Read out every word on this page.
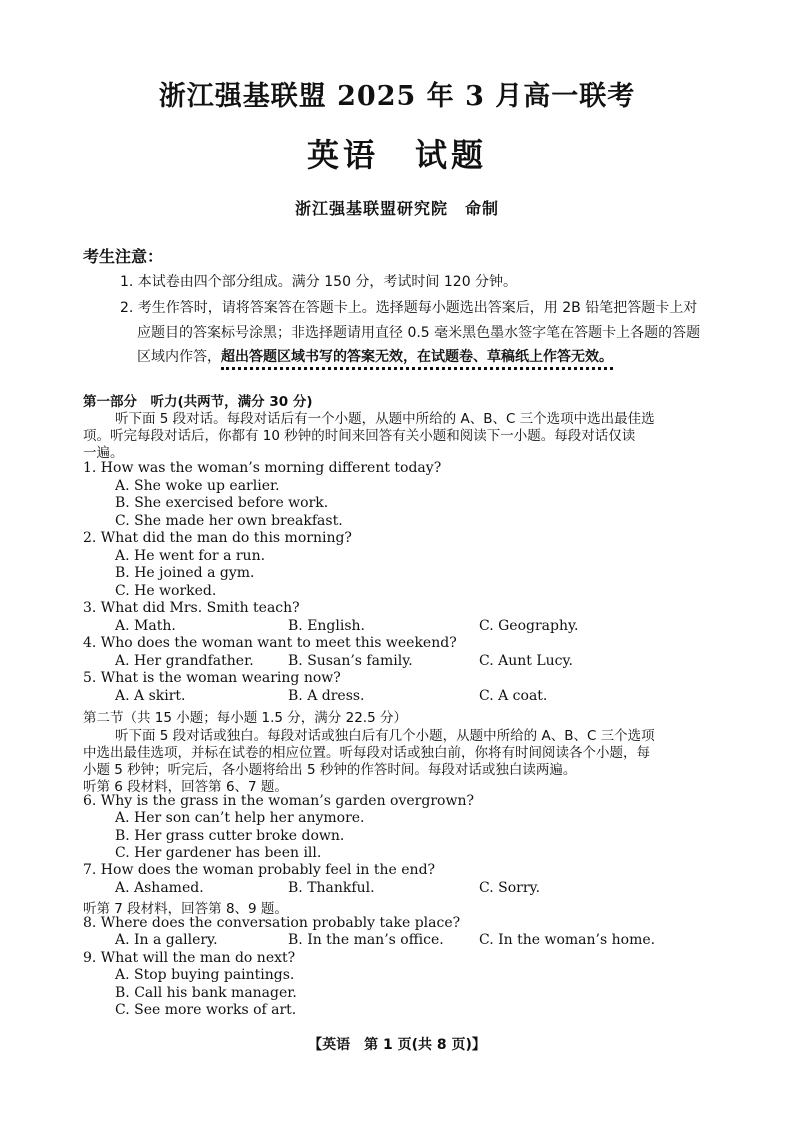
浙江强基联盟 2025 年 3 月高一联考
英语　试题
浙江强基联盟研究院　命制
考生注意：
1. 本试卷由四个部分组成。满分 150 分，考试时间 120 分钟。
2. 考生作答时，请将答案答在答题卡上。选择题每小题选出答案后，用 2B 铅笔把答题卡上对
应题目的答案标号涂黑；非选择题请用直径 0.5 毫米黑色墨水签字笔在答题卡上各题的答题
区域内作答，超出答题区域书写的答案无效，在试题卷、草稿纸上作答无效。
第一部分　听力(共两节，满分 30 分)
听下面 5 段对话。每段对话后有一个小题，从题中所给的 A、B、C 三个选项中选出最佳选
项。听完每段对话后，你都有 10 秒钟的时间来回答有关小题和阅读下一小题。每段对话仅读
一遍。
1. How was the woman’s morning different today?
A. She woke up earlier.
B. She exercised before work.
C. She made her own breakfast.
2. What did the man do this morning?
A. He went for a run.
B. He joined a gym.
C. He worked.
3. What did Mrs. Smith teach?
A. Math.	B. English.	C. Geography.
4. Who does the woman want to meet this weekend?
A. Her grandfather. B. Susan’s family.	C. Aunt Lucy.
5. What is the woman wearing now?
A. A skirt.	B. A dress.	C. A coat.
第二节（共 15 小题；每小题 1.5 分，满分 22.5 分）
听下面 5 段对话或独白。每段对话或独白后有几个小题，从题中所给的 A、B、C 三个选项
中选出最佳选项，并标在试卷的相应位置。听每段对话或独白前，你将有时间阅读各个小题，每
小题 5 秒钟；听完后，各小题将给出 5 秒钟的作答时间。每段对话或独白读两遍。
听第 6 段材料，回答第 6、7 题。
6. Why is the grass in the woman’s garden overgrown?
A. Her son can’t help her anymore.
B. Her grass cutter broke down.
C. Her gardener has been ill.
7. How does the woman probably feel in the end?
A. Ashamed.	B. Thankful.	C. Sorry.
听第 7 段材料，回答第 8、9 题。
8. Where does the conversation probably take place?
A. In a gallery.	B. In the man’s office.	C. In the woman’s home.
9. What will the man do next?
A. Stop buying paintings.
B. Call his bank manager.
C. See more works of art.
【英语　第 1 页(共 8 页)】
